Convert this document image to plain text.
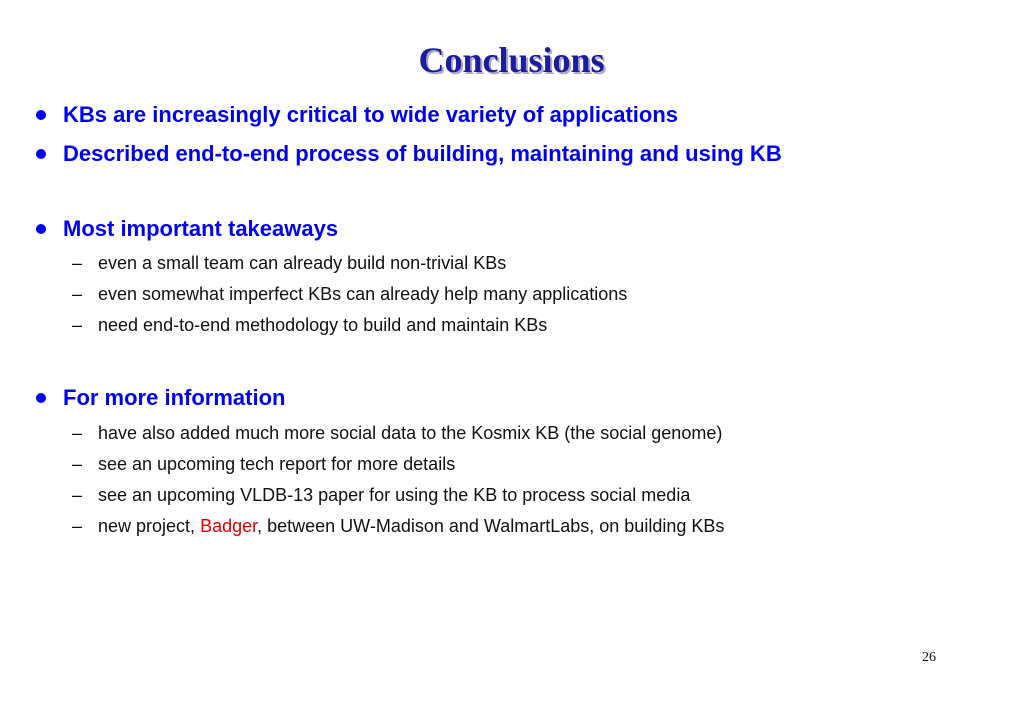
Conclusions
KBs are increasingly critical to wide variety of applications
Described end-to-end process of building, maintaining and using KB
Most important takeaways
– even a small team can already build non-trivial KBs
– even somewhat imperfect KBs can already help many applications
– need end-to-end methodology to build and maintain KBs
For more information
– have also added much more social data to the Kosmix KB (the social genome)
– see an upcoming tech report for more details
– see an upcoming VLDB-13 paper for using the KB to process social media
– new project, Badger, between UW-Madison and WalmartLabs, on building KBs
26
